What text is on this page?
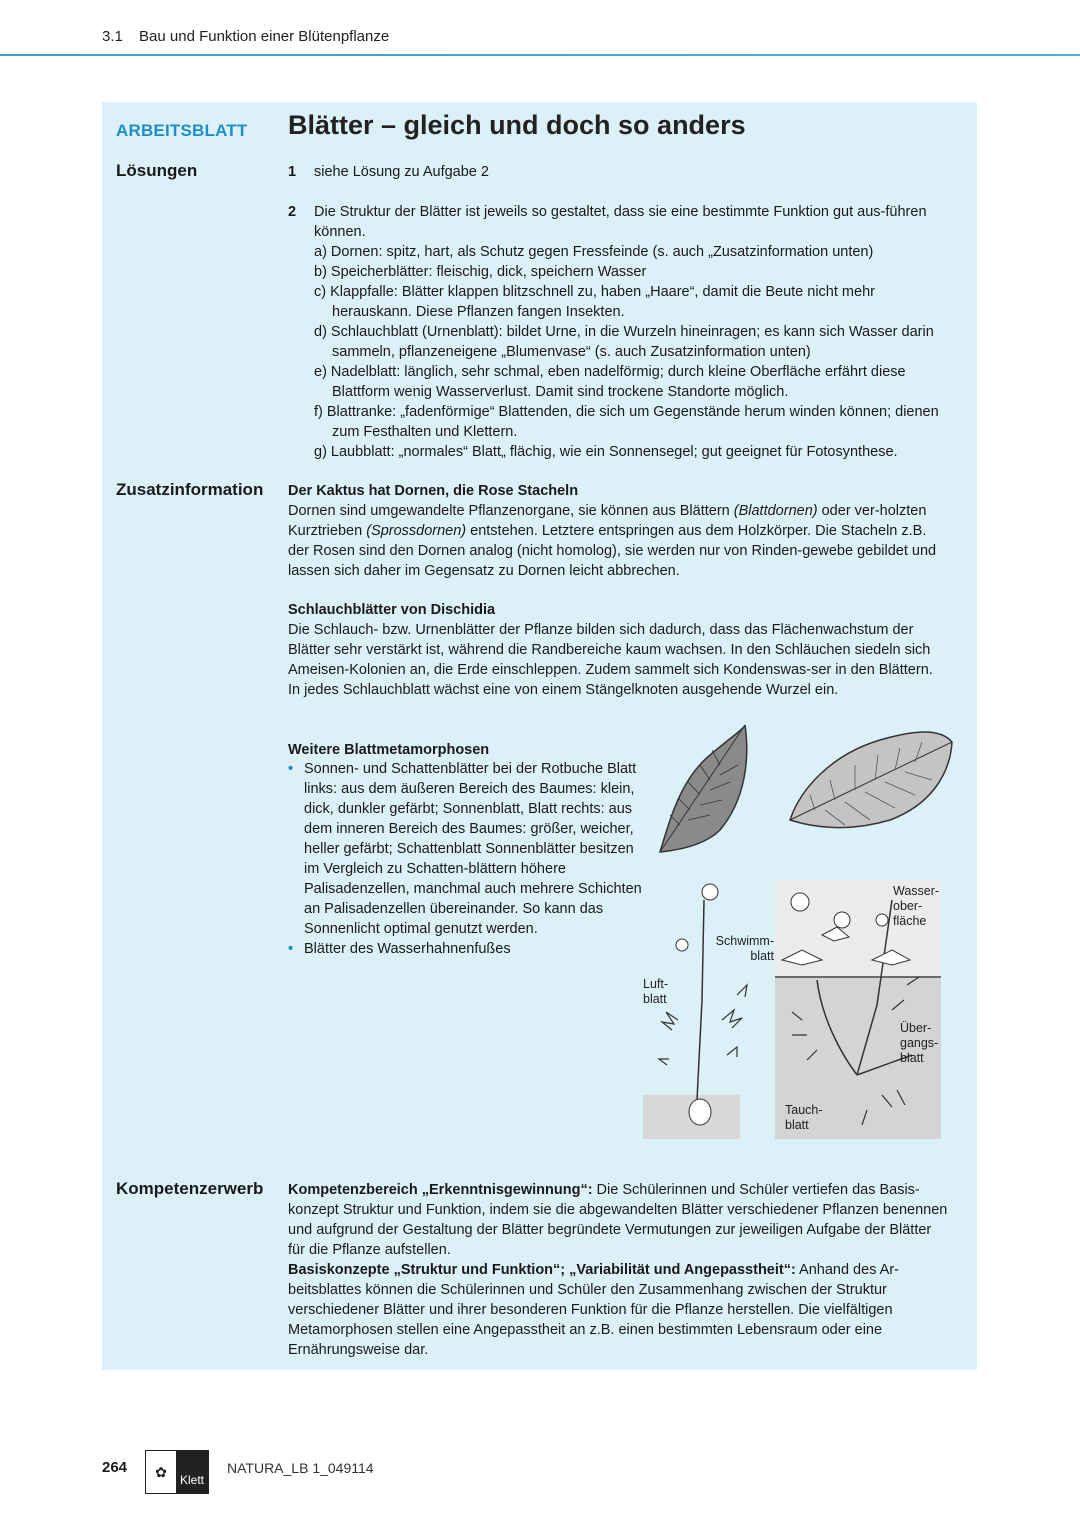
3.1 Bau und Funktion einer Blütenpflanze
ARBEITSBLATT
Lösungen
Zusatzinformation
Kompetenzerwerb
Blätter – gleich und doch so anders
1 siehe Lösung zu Aufgabe 2
2 Die Struktur der Blätter ist jeweils so gestaltet, dass sie eine bestimmte Funktion gut aus-führen können.

a) Dornen: spitz, hart, als Schutz gegen Fressfeinde (s. auch „Zusatzinformation unten)

b) Speicherblätter: fleischig, dick, speichern Wasser

c) Klappfalle: Blätter klappen blitzschnell zu, haben „Haare“, damit die Beute nicht mehr herauskann. Diese Pflanzen fangen Insekten.

d) Schlauchblatt (Urnenblatt): bildet Urne, in die Wurzeln hineinragen; es kann sich Wasser darin sammeln, pflanzeneigene „Blumenvase“ (s. auch Zusatzinformation unten)

e) Nadelblatt: länglich, sehr schmal, eben nadelförmig; durch kleine Oberfläche erfährt diese Blattform wenig Wasserverlust. Damit sind trockene Standorte möglich.

f) Blattranke: „fadenförmige“ Blattenden, die sich um Gegenstände herum winden können; dienen zum Festhalten und Klettern.

g) Laubblatt: „normales“ Blatt„ flächig, wie ein Sonnensegel; gut geeignet für Fotosynthese.

Der Kaktus hat Dornen, die Rose Stacheln

Dornen sind umgewandelte Pflanzenorgane, sie können aus Blättern (Blattdornen) oder ver-holzten Kurztrieben (Sprossdornen) entstehen. Letztere entspringen aus dem Holzkörper. Die Stacheln z.B. der Rosen sind den Dornen analog (nicht homolog), sie werden nur von Rinden-gewebe gebildet und lassen sich daher im Gegensatz zu Dornen leicht abbrechen.

Schlauchblätter von Dischidia

Die Schlauch- bzw. Urnenblätter der Pflanze bilden sich dadurch, dass das Flächenwachstum der Blätter sehr verstärkt ist, während die Randbereiche kaum wachsen. In den Schläuchen siedeln sich Ameisen-Kolonien an, die Erde einschleppen. Zudem sammelt sich Kondenswas-ser in den Blättern. In jedes Schlauchblatt wächst eine von einem Stängelknoten ausgehende Wurzel ein.

Weitere Blattmetamorphosen
• Sonnen- und Schattenblätter bei der Rotbuche Blatt links: aus dem äußeren Bereich des Baumes: klein, dick, dunkler gefärbt; Sonnenblatt, Blatt rechts: aus dem inneren Bereich des Baumes: größer, weicher, heller gefärbt; Schattenblatt Sonnenblätter besitzen im Vergleich zu Schatten-blättern höhere Palisadenzellen, manchmal auch mehrere Schichten an Palisadenzellen übereinander. So kann das Sonnenlicht optimal genutzt werden.
• Blätter des Wasserhahnenfußes	Schwimm-blatt
Luft-blatt
Wasser-ober-fläche
Über-gangs-blatt
Tauch-blatt

Kompetenzbereich „Erkenntnisgewinnung“: Die Schülerinnen und Schüler vertiefen das Basis-konzept Struktur und Funktion, indem sie die abgewandelten Blätter verschiedener Pflanzen benennen und aufgrund der Gestaltung der Blätter begründete Vermutungen zur jeweiligen Aufgabe der Blätter für die Pflanze aufstellen.

Basiskonzepte „Struktur und Funktion“; „Variabilität und Angepasstheit“: Anhand des Ar-beitsblattes können die Schülerinnen und Schüler den Zusammenhang zwischen der Struktur verschiedener Blätter und ihrer besonderen Funktion für die Pflanze herstellen. Die vielfältigen Metamorphosen stellen eine Angepasstheit an z.B. einen bestimmten Lebensraum oder eine Ernährungsweise dar.

264	✿
Klett
NATURA_LB 1_049114
